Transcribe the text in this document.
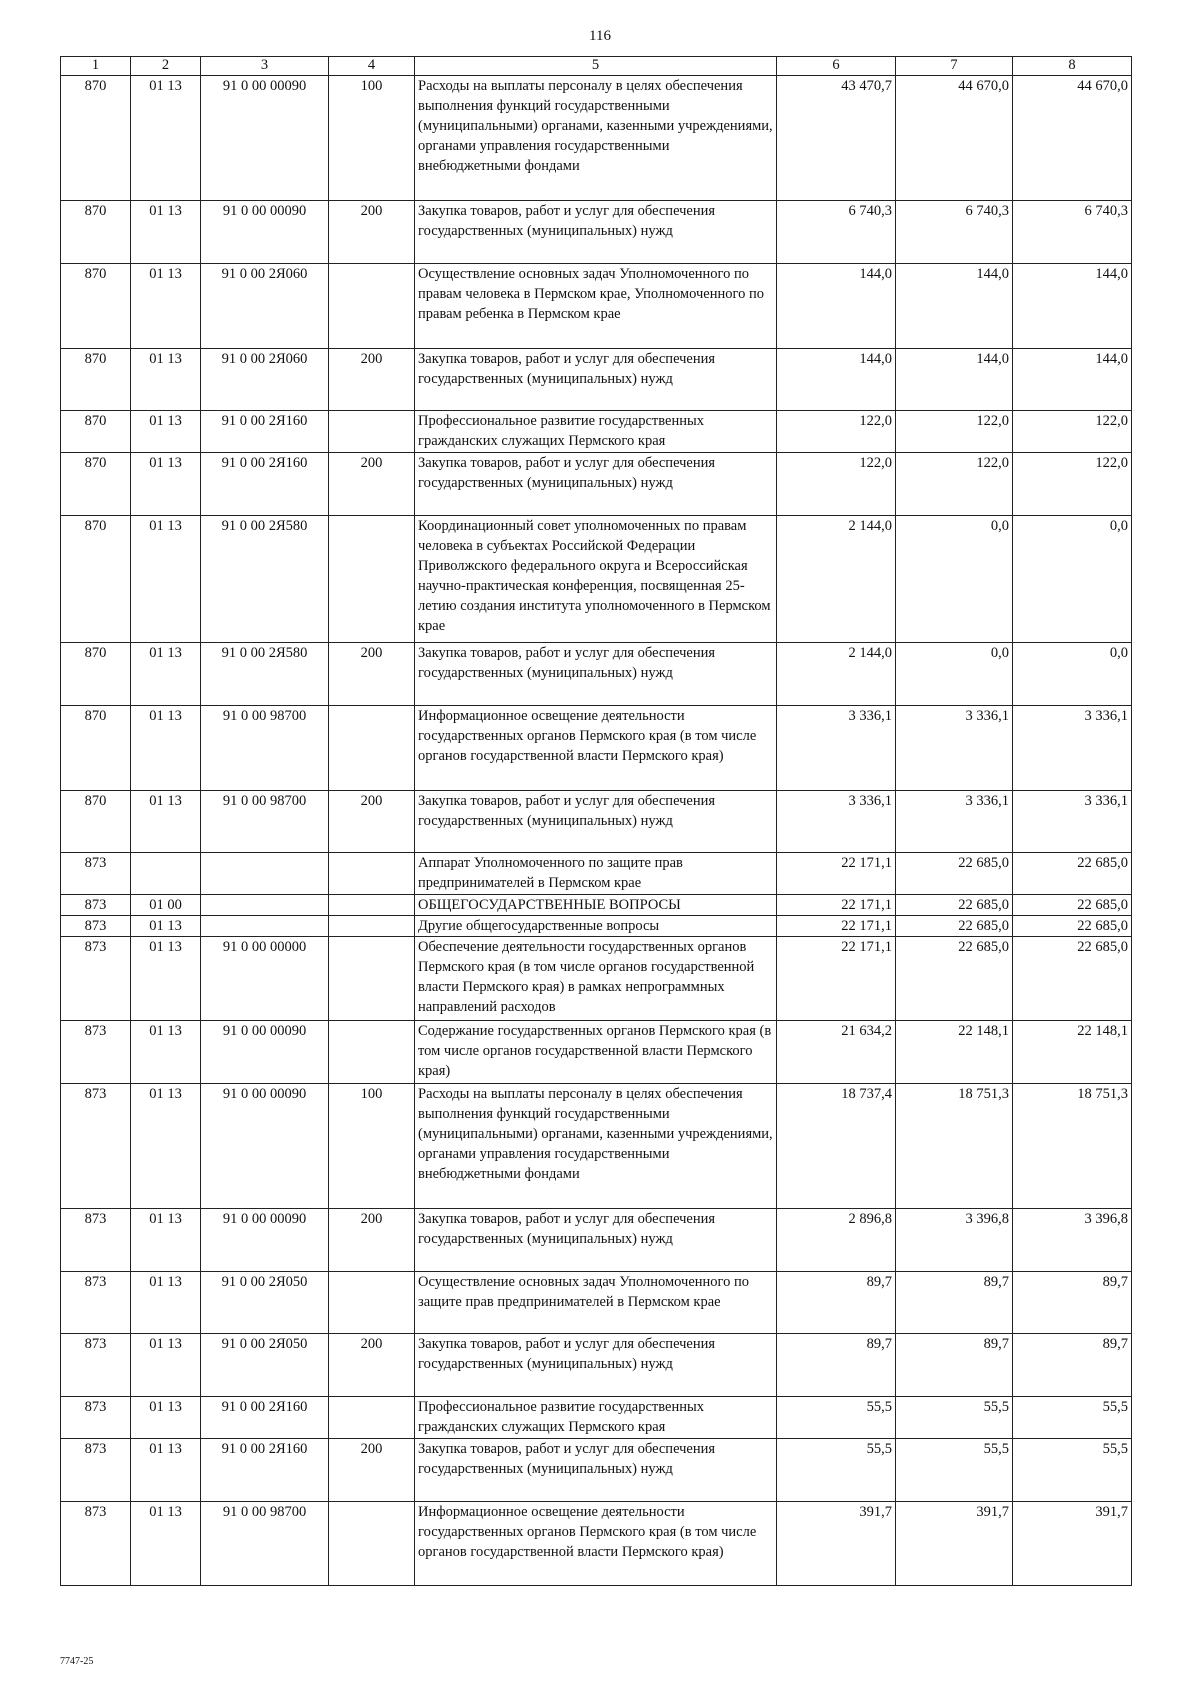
116
1	2	3	4	5	6	7	8
870	01 13	91 0 00 00090	100	Расходы на выплаты персоналу в целях обеспечения выполнения функций государственными (муниципальными) органами, казенными учреждениями, органами управления государственными внебюджетными фондами	43 470,7	44 670,0	44 670,0
870	01 13	91 0 00 00090	200	Закупка товаров, работ и услуг для обеспечения государственных (муниципальных) нужд	6 740,3	6 740,3	6 740,3
870	01 13	91 0 00 2Я060		Осуществление основных задач Уполномоченного по правам человека в Пермском крае, Уполномоченного по правам ребенка в Пермском крае	144,0	144,0	144,0
870	01 13	91 0 00 2Я060	200	Закупка товаров, работ и услуг для обеспечения государственных (муниципальных) нужд	144,0	144,0	144,0
870	01 13	91 0 00 2Я160		Профессиональное развитие государственных гражданских служащих Пермского края	122,0	122,0	122,0
870	01 13	91 0 00 2Я160	200	Закупка товаров, работ и услуг для обеспечения государственных (муниципальных) нужд	122,0	122,0	122,0
870	01 13	91 0 00 2Я580		Координационный совет уполномоченных по правам человека в субъектах Российской Федерации Приволжского федерального округа и Всероссийская научно-практическая конференция, посвященная 25-летию создания института уполномоченного в Пермском крае	2 144,0	0,0	0,0
870	01 13	91 0 00 2Я580	200	Закупка товаров, работ и услуг для обеспечения государственных (муниципальных) нужд	2 144,0	0,0	0,0
870	01 13	91 0 00 98700		Информационное освещение деятельности государственных органов Пермского края (в том числе органов государственной власти Пермского края)	3 336,1	3 336,1	3 336,1
870	01 13	91 0 00 98700	200	Закупка товаров, работ и услуг для обеспечения государственных (муниципальных) нужд	3 336,1	3 336,1	3 336,1
873				Аппарат Уполномоченного по защите прав предпринимателей в Пермском крае	22 171,1	22 685,0	22 685,0
873	01 00			ОБЩЕГОСУДАРСТВЕННЫЕ ВОПРОСЫ	22 171,1	22 685,0	22 685,0
873	01 13			Другие общегосударственные вопросы	22 171,1	22 685,0	22 685,0
873	01 13	91 0 00 00000		Обеспечение деятельности государственных органов Пермского края (в том числе органов государственной власти Пермского края) в рамках непрограммных направлений расходов	22 171,1	22 685,0	22 685,0
873	01 13	91 0 00 00090		Содержание государственных органов Пермского края (в том числе органов государственной власти Пермского края)	21 634,2	22 148,1	22 148,1
873	01 13	91 0 00 00090	100	Расходы на выплаты персоналу в целях обеспечения выполнения функций государственными (муниципальными) органами, казенными учреждениями, органами управления государственными внебюджетными фондами	18 737,4	18 751,3	18 751,3
873	01 13	91 0 00 00090	200	Закупка товаров, работ и услуг для обеспечения государственных (муниципальных) нужд	2 896,8	3 396,8	3 396,8
873	01 13	91 0 00 2Я050		Осуществление основных задач Уполномоченного по защите прав предпринимателей в Пермском крае	89,7	89,7	89,7
873	01 13	91 0 00 2Я050	200	Закупка товаров, работ и услуг для обеспечения государственных (муниципальных) нужд	89,7	89,7	89,7
873	01 13	91 0 00 2Я160		Профессиональное развитие государственных гражданских служащих Пермского края	55,5	55,5	55,5
873	01 13	91 0 00 2Я160	200	Закупка товаров, работ и услуг для обеспечения государственных (муниципальных) нужд	55,5	55,5	55,5
873	01 13	91 0 00 98700		Информационное освещение деятельности государственных органов Пермского края (в том числе органов государственной власти Пермского края)	391,7	391,7	391,7
7747-25
